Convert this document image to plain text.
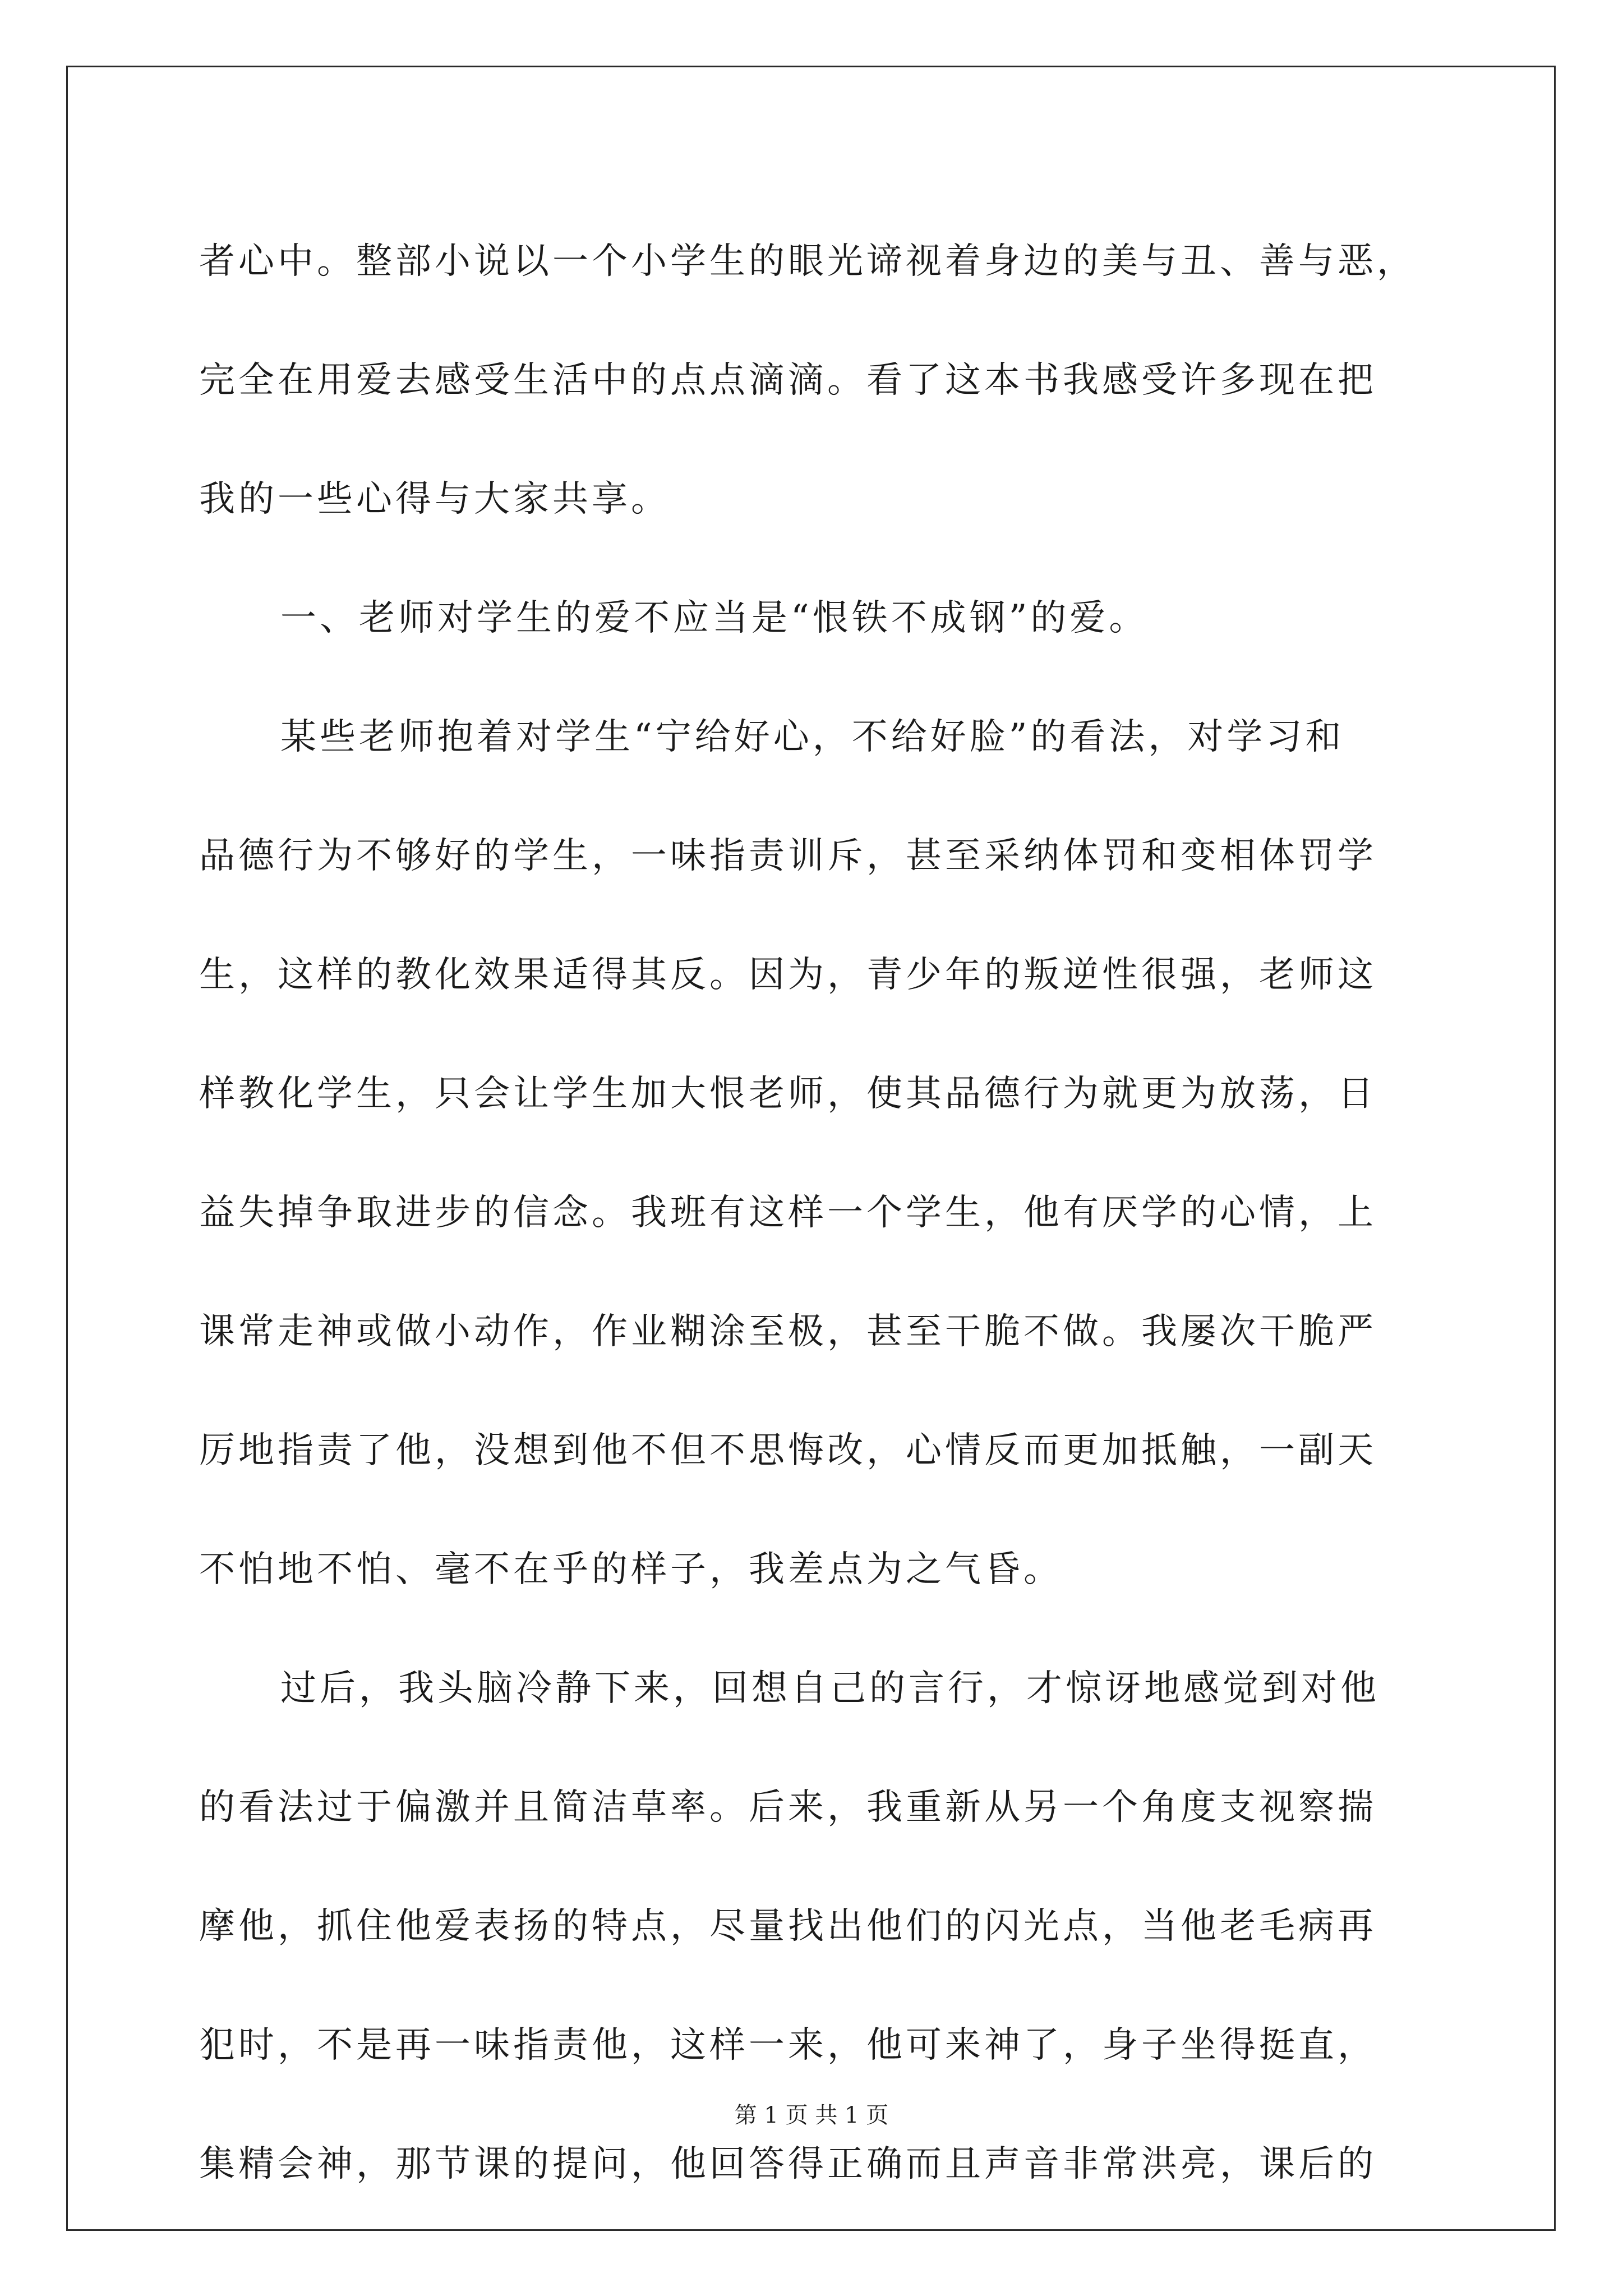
者心中。整部小说以一个小学生的眼光谛视着身边的美与丑、善与恶，
完全在用爱去感受生活中的点点滴滴。看了这本书我感受许多现在把
我的一些心得与大家共享。
一、老师对学生的爱不应当是“恨铁不成钢”的爱。
某些老师抱着对学生“宁给好心，不给好脸”的看法，对学习和
品德行为不够好的学生，一味指责训斥，甚至采纳体罚和变相体罚学
生，这样的教化效果适得其反。因为，青少年的叛逆性很强，老师这
样教化学生，只会让学生加大恨老师，使其品德行为就更为放荡，日
益失掉争取进步的信念。我班有这样一个学生，他有厌学的心情，上
课常走神或做小动作，作业糊涂至极，甚至干脆不做。我屡次干脆严
厉地指责了他，没想到他不但不思悔改，心情反而更加抵触，一副天
不怕地不怕、毫不在乎的样子，我差点为之气昏。
过后，我头脑冷静下来，回想自己的言行，才惊讶地感觉到对他
的看法过于偏激并且简洁草率。后来，我重新从另一个角度支视察揣
摩他，抓住他爱表扬的特点，尽量找出他们的闪光点，当他老毛病再
犯时，不是再一味指责他，这样一来，他可来神了，身子坐得挺直，
集精会神，那节课的提问，他回答得正确而且声音非常洪亮，课后的
第 1 页 共 1 页
